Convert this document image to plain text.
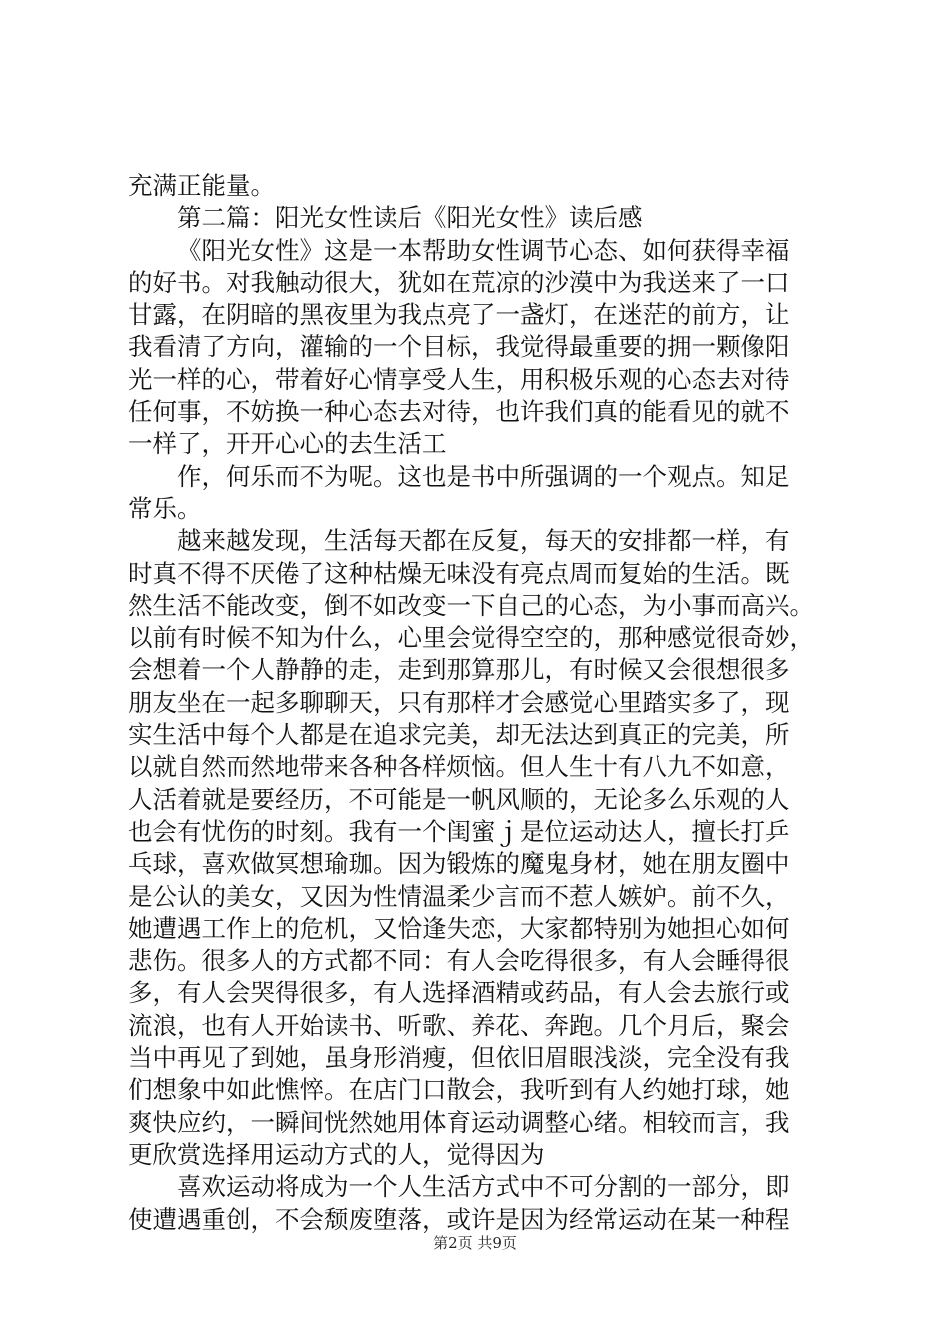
充满正能量。
第二篇：阳光女性读后《阳光女性》读后感
《阳光女性》这是一本帮助女性调节心态、如何获得幸福
的好书。对我触动很大，犹如在荒凉的沙漠中为我送来了一口
甘露，在阴暗的黑夜里为我点亮了一盏灯，在迷茫的前方，让
我看清了方向，灌输的一个目标，我觉得最重要的拥一颗像阳
光一样的心，带着好心情享受人生，用积极乐观的心态去对待
任何事，不妨换一种心态去对待，也许我们真的能看见的就不
一样了，开开心心的去生活工
作，何乐而不为呢。这也是书中所强调的一个观点。知足
常乐。
越来越发现，生活每天都在反复，每天的安排都一样，有
时真不得不厌倦了这种枯燥无味没有亮点周而复始的生活。既
然生活不能改变，倒不如改变一下自己的心态，为小事而高兴。
以前有时候不知为什么，心里会觉得空空的，那种感觉很奇妙，
会想着一个人静静的走，走到那算那儿，有时候又会很想很多
朋友坐在一起多聊聊天，只有那样才会感觉心里踏实多了，现
实生活中每个人都是在追求完美，却无法达到真正的完美，所
以就自然而然地带来各种各样烦恼。但人生十有八九不如意，
人活着就是要经历，不可能是一帆风顺的，无论多么乐观的人
也会有忧伤的时刻。我有一个闺蜜ｊ是位运动达人，擅长打乒
乓球，喜欢做冥想瑜珈。因为锻炼的魔鬼身材，她在朋友圈中
是公认的美女，又因为性情温柔少言而不惹人嫉妒。前不久，
她遭遇工作上的危机，又恰逢失恋，大家都特别为她担心如何
悲伤。很多人的方式都不同：有人会吃得很多，有人会睡得很
多，有人会哭得很多，有人选择酒精或药品，有人会去旅行或
流浪，也有人开始读书、听歌、养花、奔跑。几个月后，聚会
当中再见了到她，虽身形消瘦，但依旧眉眼浅淡，完全没有我
们想象中如此憔悴。在店门口散会，我听到有人约她打球，她
爽快应约，一瞬间恍然她用体育运动调整心绪。相较而言，我
更欣赏选择用运动方式的人，觉得因为
喜欢运动将成为一个人生活方式中不可分割的一部分，即
使遭遇重创，不会颓废堕落，或许是因为经常运动在某一种程
第2页 共9页
